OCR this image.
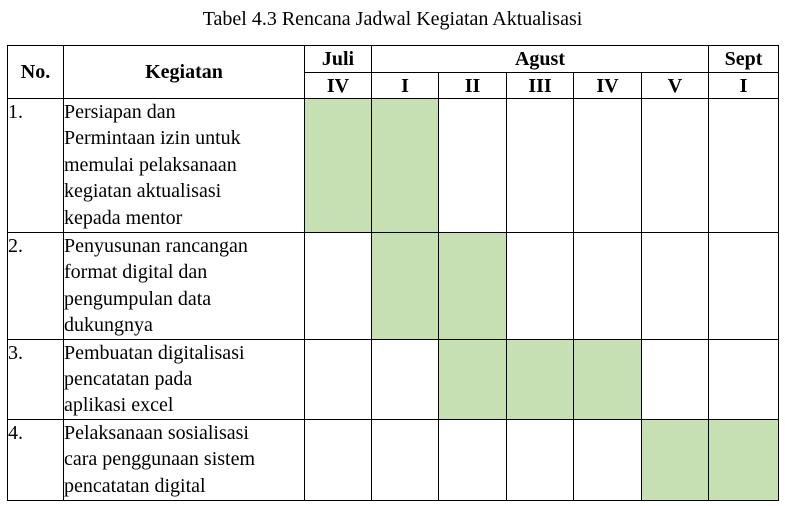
Tabel 4.3 Rencana Jadwal Kegiatan Aktualisasi
No.	Kegiatan	Juli	Agust					Sept
		IV	I	II	III	IV	V	I
1.	Persiapan dan
Permintaan izin untuk
memulai pelaksanaan
kegiatan aktualisasi
kepada mentor							

2.	Penyusunan rancangan
format digital dan
pengumpulan data
dukungnya							

3.	Pembuatan digitalisasi
pencatatan pada
aplikasi excel							

4.	Pelaksanaan sosialisasi
cara penggunaan sistem
pencatatan digital							
